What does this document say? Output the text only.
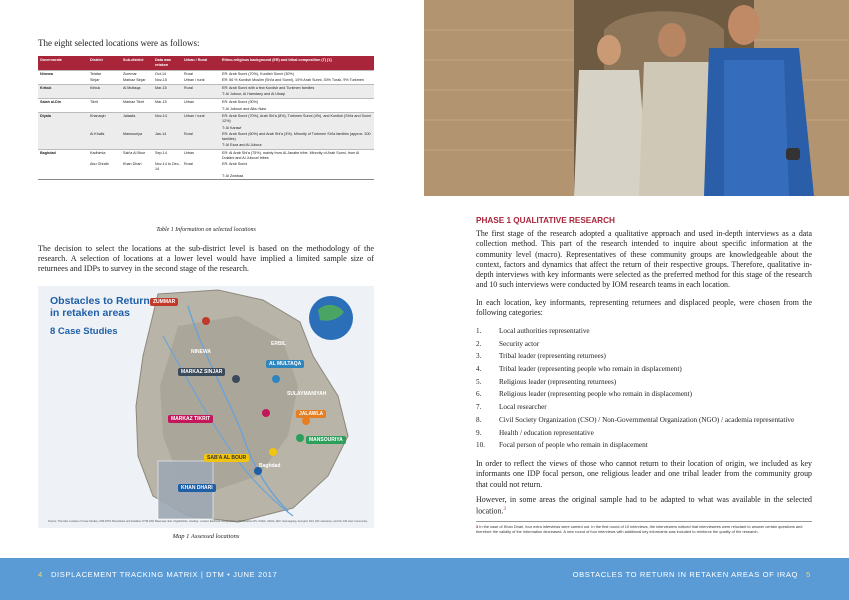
The eight selected locations were as follows:
Governorate	District	Sub-district	Data was retaken	Urban / Rural	Ethno-religious background (ER) and tribal composition (T) [1]
Ninewa	Telafar	Zummar	Oct-14	Rural	ER: Arab Sunni (70%), Kurdish Sunni (30%)
	Sinjar	Markaz Sinjar	Nov-15	Urban / rural	ER: 56 % Kurdish Muslim (Shi'a and Sunni), 10% Arab Sunni, 30% Turak, 9% Turkmen
Kirkuk	Kirkuk	Al Multaqa	Mar-15	Rural	ER: Arab Sunni with a few Kurdish and Turkmen families
					T: Al Jubour, Al Hamdany and Al Ubaqi
Salah al-Din	Tikrit	Markaz Tikrit	Mar-15	Urban	ER: Arab Sunni (90%)
					T: Al Jobouri and Albu Nasr
Diyala	Khanaqin	Jalawla	Nov-14	Urban / rural	ER: Arab Sunni (70%), Arab Shi'a (8%), Turkmen Sunni (4%), and Kurdish (Shi'a and Sunni 12%)
					T: Al Karawi
	Al Khalis	Mansouriya	Jan-14	Rural	ER: Arab Sunni (60%) and Arab Shi'a (3%). Minority of Turkmen Shi'a families (approx. 300 families)
					T: Al Ezza and Al Jubour
Baghdad	Kadhimia	Sab'a Al Bour	Sep-14	Urban	ER: Al Arab Shi'a (75%), mainly from Al-Janabe tribe. Minority of Arab Sunni, from Al Dulaimi and Al Jubouri tribes
	Abu Ghraib	Khan Dhari	Nov-14 to Dec-14	Rural	ER: Arab Sunni
					T: Al Zowbaa
Table 1 Information on selected locations
The decision to select the locations at the sub-district level is based on the methodology of the research. A selection of locations at a lower level would have implied a limited sample size of returnees and IDPs to survey in the second stage of the research.
Obstacles to Return
in retaken areas
8 Case Studies
ZUMMAR
MARKAZ SINJAR
AL MULTAQA
MARKAZ TIKRIT
JALAWLA
MANSOURIYA
SAB'A AL BOUR
KHAN DHARI
Baghdad
SULAYMANIYAH
ERBIL
NINEWA
Source: Thematic Location of Case Studies, IOM-DTM; Boundaries and localities: DTM-IOM. Basemap: Esri, DigitalGlobe, GeoEye, i-cubed, Earthstar Geographics, CNES/Airbus DS, USDA, USGS, AEX, Getmapping, Aerogrid, IGN, IGP, swisstopo, and the GIS User Community.
Map 1 Assessed locations
PHASE 1 QUALITATIVE RESEARCH
The first stage of the research adopted a qualitative approach and used in-depth interviews as a data collection method. This part of the research intended to inquire about specific information at the community level (macro). Representatives of these community groups are knowledgeable about the context, factors and dynamics that affect the return of their respective groups. Therefore, qualitative in-depth interviews with key informants were selected as the preferred method for this stage of the research and 10 such interviews were conducted by IOM research teams in each location.
In each location, key informants, representing returnees and displaced people, were chosen from the following categories:
1.	Local authorities representative
2.	Security actor
3.	Tribal leader (representing returnees)
4.	Tribal leader (representing people who remain in displacement)
5.	Religious leader (representing returnees)
6.	Religious leader (representing people who remain in displacement)
7.	Local researcher
8.	Civil Society Organization (CSO) / Non-Governmental Organization (NGO) / academia representative
9.	Health / education representative
10.	Focal person of people who remain in displacement
In order to reflect the views of those who cannot return to their location of origin, we included as key informants one IDP focal person, one religious leader and one tribal leader from the community group that could not return.
However, in some areas the original sample had to be adapted to what was available in the selected location.$^3$
3 In the case of Khan Dhari, four extra interviews were carried out. In the first round of 10 interviews, the interviewers noticed that interviewees were reluctant to answer certain questions and therefore the validity of the information decreased. A new round of four interviews with additional key informants was included to reinforce the quality of the research.
4 DISPLACEMENT TRACKING MATRIX | DTM • JUNE 2017	OBSTACLES TO RETURN IN RETAKEN AREAS OF IRAQ 5
